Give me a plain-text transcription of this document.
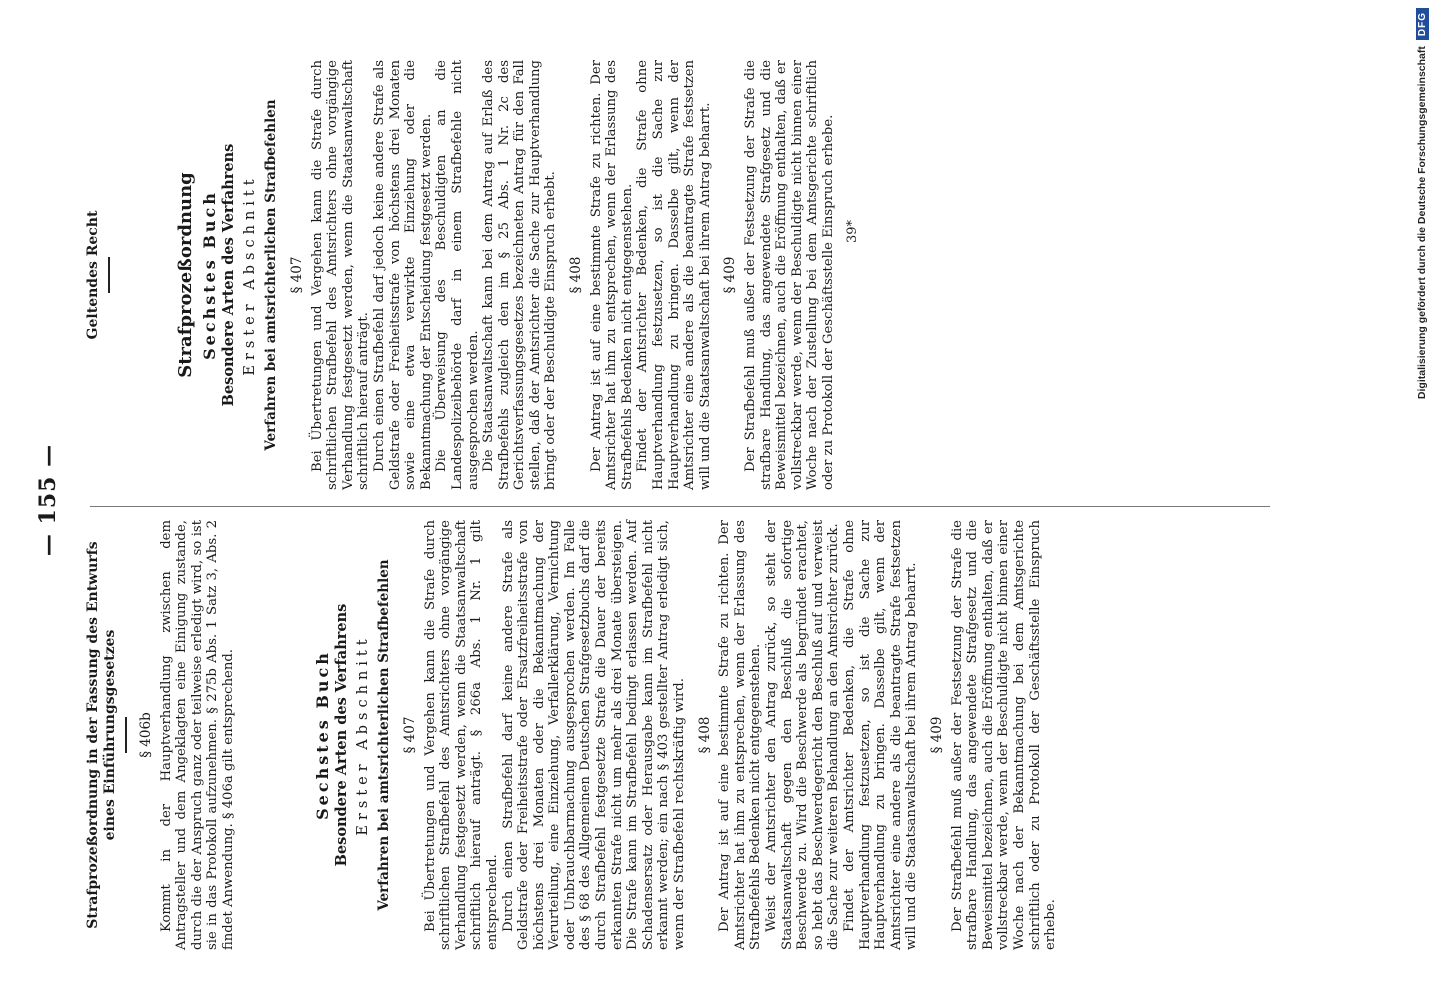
— 155 —
Strafprozeßordnung in der Fassung des Entwurfs eines Einführungsgesetzes § 406b Kommt in der Hauptverhandlung zwischen dem Antragsteller und dem Angeklagten eine Einigung zustande, durch die der Anspruch ganz oder teilweise erledigt wird, so ist sie in das Protokoll aufzunehmen. § 275b Abs. 1 Satz 3, Abs. 2 findet Anwendung. § 406a gilt entsprechend.	Sechstes Buch Besondere Arten des Verfahrens Erster Abschnitt Verfahren bei amtsrichterlichen Strafbefehlen § 407 Bei Übertretungen und Vergehen kann die Strafe durch schriftlichen Strafbefehl des Amtsrichters ohne vorgängige Verhandlung festgesetzt werden, wenn die Staatsanwaltschaft schriftlich hierauf anträgt. § 266a Abs. 1 Nr. 1 gilt entsprechend. Durch einen Strafbefehl darf keine andere Strafe als Geldstrafe oder Freiheitsstrafe oder Ersatzfreiheitsstrafe von höchstens drei Monaten oder die Bekanntmachung der Verurteilung, eine Einziehung, Verfallerklärung, Vernichtung oder Unbrauchbarmachung ausgesprochen werden. Im Falle des § 68 des Allgemeinen Deutschen Strafgesetzbuchs darf die durch Strafbefehl festgesetzte Strafe die Dauer der bereits erkannten Strafe nicht um mehr als drei Monate übersteigen. Die Strafe kann im Strafbefehl bedingt erlassen werden. Auf Schadensersatz oder Herausgabe kann im Strafbefehl nicht erkannt werden; ein nach § 403 gestellter Antrag erledigt sich, wenn der Strafbefehl rechtskräftig wird. § 408 Der Antrag ist auf eine bestimmte Strafe zu richten. Der Amtsrichter hat ihm zu entsprechen, wenn der Erlassung des Strafbefehls Bedenken nicht entgegenstehen. Weist der Amtsrichter den Antrag zurück, so steht der Staatsanwaltschaft gegen den Beschluß die sofortige Beschwerde zu. Wird die Beschwerde als begründet erachtet, so hebt das Beschwerdegericht den Beschluß auf und verweist die Sache zur weiteren Behandlung an den Amtsrichter zurück. Findet der Amtsrichter Bedenken, die Strafe ohne Hauptverhandlung festzusetzen, so ist die Sache zur Hauptverhandlung zu bringen. Dasselbe gilt, wenn der Amtsrichter eine andere als die beantragte Strafe festsetzen will und die Staatsanwaltschaft bei ihrem Antrag beharrt. § 409 Der Strafbefehl muß außer der Festsetzung der Strafe die strafbare Handlung, das angewendete Strafgesetz und die Beweismittel bezeichnen, auch die Eröffnung enthalten, daß er vollstreckbar werde, wenn der Beschuldigte nicht binnen einer Woche nach der Bekanntmachung bei dem Amtsgerichte schriftlich oder zu Protokoll der Geschäftsstelle Einspruch erhebe.

Geltendes Recht	Strafprozeßordnung Sechstes Buch Besondere Arten des Verfahrens Erster Abschnitt Verfahren bei amtsrichterlichen Strafbefehlen § 407 Bei Übertretungen und Vergehen kann die Strafe durch schriftlichen Strafbefehl des Amtsrichters ohne vorgängige Verhandlung festgesetzt werden, wenn die Staatsanwaltschaft schriftlich hierauf anträgt. Durch einen Strafbefehl darf jedoch keine andere Strafe als Geldstrafe oder Freiheitsstrafe von höchstens drei Monaten sowie eine etwa verwirkte Einziehung oder die Bekanntmachung der Entscheidung festgesetzt werden. Die Überweisung des Beschuldigten an die Landespolizeibehörde darf in einem Strafbefehle nicht ausgesprochen werden. Die Staatsanwaltschaft kann bei dem Antrag auf Erlaß des Strafbefehls zugleich den im § 25 Abs. 1 Nr. 2c des Gerichtsverfassungsgesetzes bezeichneten Antrag für den Fall stellen, daß der Amtsrichter die Sache zur Hauptverhandlung bringt oder der Beschuldigte Einspruch erhebt. § 408 Der Antrag ist auf eine bestimmte Strafe zu richten. Der Amtsrichter hat ihm zu entsprechen, wenn der Erlassung des Strafbefehls Bedenken nicht entgegenstehen. Findet der Amtsrichter Bedenken, die Strafe ohne Hauptverhandlung festzusetzen, so ist die Sache zur Hauptverhandlung zu bringen. Dasselbe gilt, wenn der Amtsrichter eine andere als die beantragte Strafe festsetzen will und die Staatsanwaltschaft bei ihrem Antrag beharrt. § 409 Der Strafbefehl muß außer der Festsetzung der Strafe die strafbare Handlung, das angewendete Strafgesetz und die Beweismittel bezeichnen, auch die Eröffnung enthalten, daß er vollstreckbar werde, wenn der Beschuldigte nicht binnen einer Woche nach der Zustellung bei dem Amtsgerichte schriftlich oder zu Protokoll der Geschäftsstelle Einspruch erhebe. 39*	Digitalisierung gefördert durch die Deutsche Forschungsgemeinschaft
DFG
